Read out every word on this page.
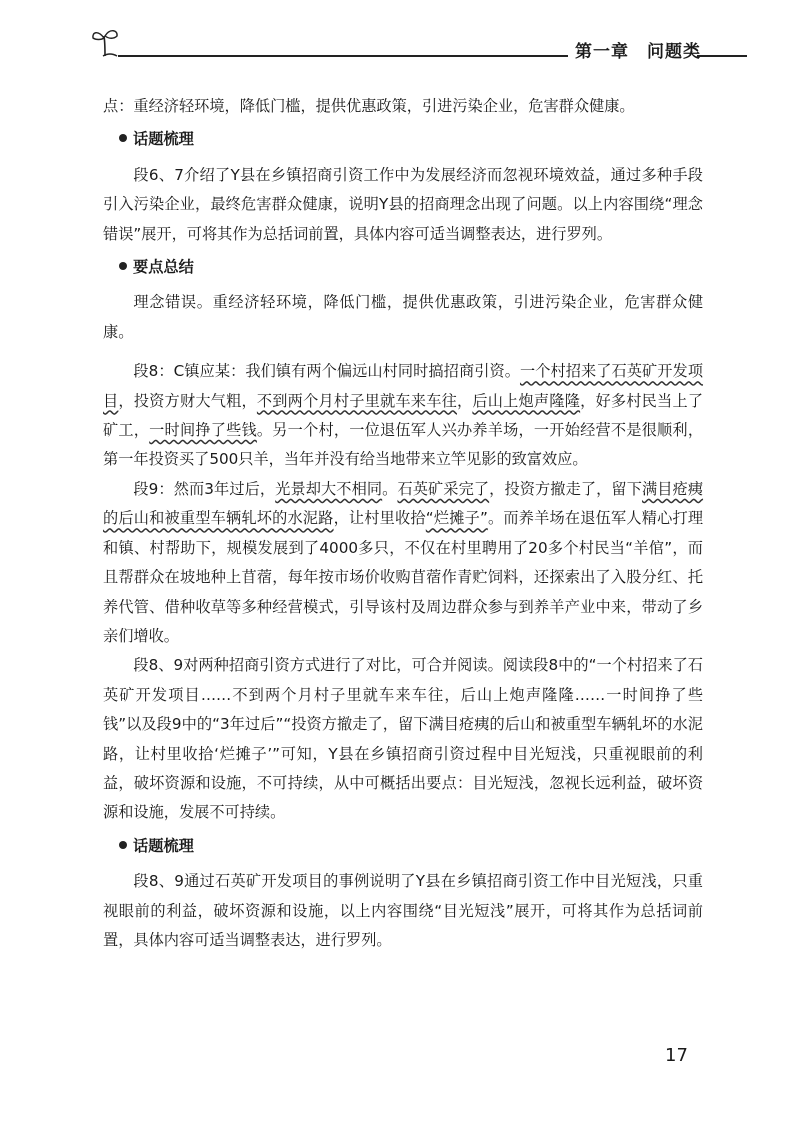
第一章　问题类

点：重经济轻环境，降低门槛，提供优惠政策，引进污染企业，危害群众健康。

话题梳理

段6、7介绍了Y县在乡镇招商引资工作中为发展经济而忽视环境效益，通过多种手段引入污染企业，最终危害群众健康，说明Y县的招商理念出现了问题。以上内容围绕“理念错误”展开，可将其作为总括词前置，具体内容可适当调整表达，进行罗列。

要点总结

理念错误。重经济轻环境，降低门槛，提供优惠政策，引进污染企业，危害群众健康。

段8：C镇应某：我们镇有两个偏远山村同时搞招商引资。一个村招来了石英矿开发项目，投资方财大气粗，不到两个月村子里就车来车往，后山上炮声隆隆，好多村民当上了矿工，一时间挣了些钱。另一个村，一位退伍军人兴办养羊场，一开始经营不是很顺利，第一年投资买了500只羊，当年并没有给当地带来立竿见影的致富效应。

段9：然而3年过后，光景却大不相同。石英矿采完了，投资方撤走了，留下满目疮痍的后山和被重型车辆轧坏的水泥路，让村里收拾“烂摊子”。而养羊场在退伍军人精心打理和镇、村帮助下，规模发展到了4000多只，不仅在村里聘用了20多个村民当“羊倌”，而且帮群众在坡地种上苜蓿，每年按市场价收购苜蓿作青贮饲料，还探索出了入股分红、托养代管、借种收草等多种经营模式，引导该村及周边群众参与到养羊产业中来，带动了乡亲们增收。

段8、9对两种招商引资方式进行了对比，可合并阅读。阅读段8中的“一个村招来了石英矿开发项目……不到两个月村子里就车来车往，后山上炮声隆隆……一时间挣了些钱”以及段9中的“3年过后”“投资方撤走了，留下满目疮痍的后山和被重型车辆轧坏的水泥路，让村里收拾‘烂摊子’”可知，Y县在乡镇招商引资过程中目光短浅，只重视眼前的利益，破坏资源和设施，不可持续，从中可概括出要点：目光短浅，忽视长远利益，破坏资源和设施，发展不可持续。

话题梳理

段8、9通过石英矿开发项目的事例说明了Y县在乡镇招商引资工作中目光短浅，只重视眼前的利益，破坏资源和设施，以上内容围绕“目光短浅”展开，可将其作为总括词前置，具体内容可适当调整表达，进行罗列。

17
